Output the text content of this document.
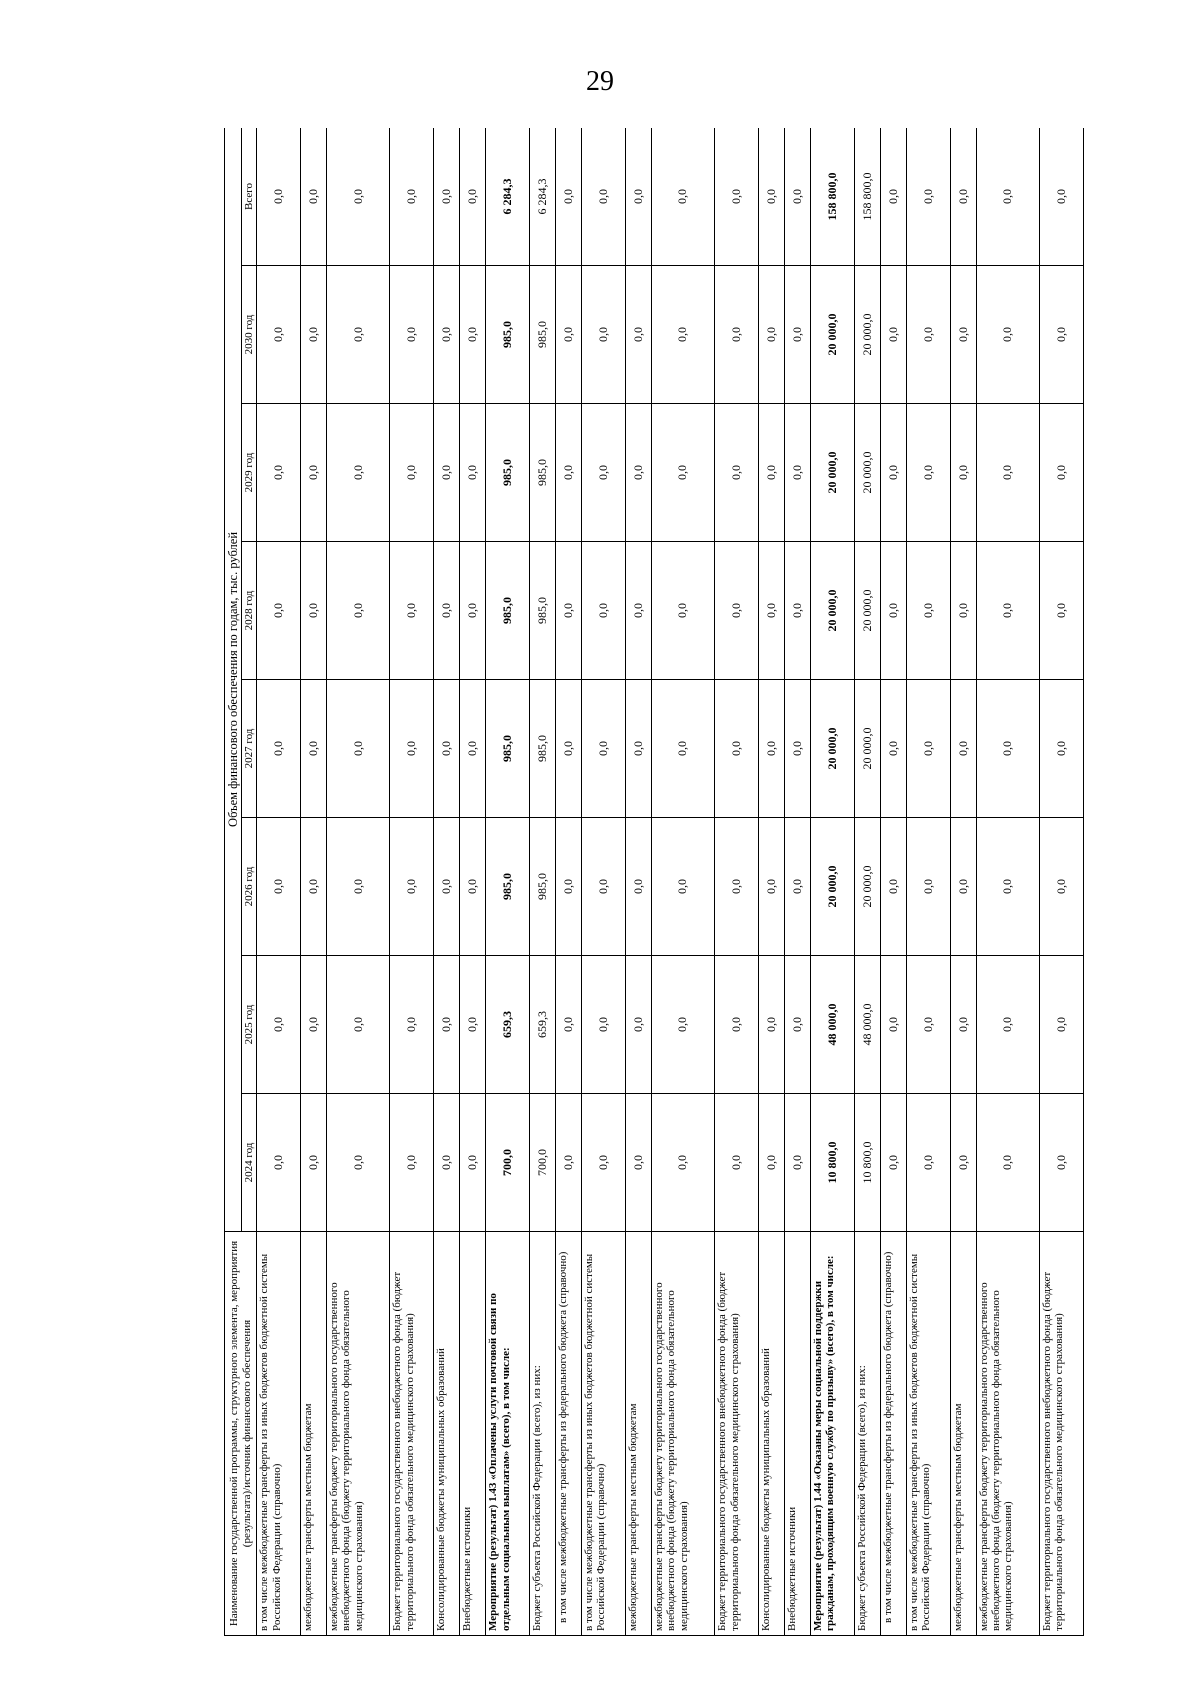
29
Наименование государственной программы, структурного элемента, мероприятия (результата)/источник финансового обеспечения	Объем финансового обеспечения по годам, тыс. рублей							
	2024 год	2025 год	2026 год	2027 год	2028 год	2029 год	2030 год	Всего
в том числе межбюджетные трансферты из иных бюджетов бюджетной системы Российской Федерации (справочно)	0,0	0,0	0,0	0,0	0,0	0,0	0,0	0,0
межбюджетные трансферты местным бюджетам	0,0	0,0	0,0	0,0	0,0	0,0	0,0	0,0
межбюджетные трансферты бюджету территориального государственного внебюджетного фонда (бюджету территориального фонда обязательного медицинского страхования)	0,0	0,0	0,0	0,0	0,0	0,0	0,0	0,0
Бюджет территориального государственного внебюджетного фонда (бюджет территориального фонда обязательного медицинского страхования)	0,0	0,0	0,0	0,0	0,0	0,0	0,0	0,0
Консолидированные бюджеты муниципальных образований	0,0	0,0	0,0	0,0	0,0	0,0	0,0	0,0
Внебюджетные источники	0,0	0,0	0,0	0,0	0,0	0,0	0,0	0,0
Мероприятие (результат) 1.43 «Оплачены услуги почтовой связи по отдельным социальным выплатам» (всего), в том числе:	700,0	659,3	985,0	985,0	985,0	985,0	985,0	6 284,3
Бюджет субъекта Российской Федерации (всего), из них:	700,0	659,3	985,0	985,0	985,0	985,0	985,0	6 284,3
в том числе межбюджетные трансферты из федерального бюджета (справочно)	0,0	0,0	0,0	0,0	0,0	0,0	0,0	0,0
в том числе межбюджетные трансферты из иных бюджетов бюджетной системы Российской Федерации (справочно)	0,0	0,0	0,0	0,0	0,0	0,0	0,0	0,0
межбюджетные трансферты местным бюджетам	0,0	0,0	0,0	0,0	0,0	0,0	0,0	0,0
межбюджетные трансферты бюджету территориального государственного внебюджетного фонда (бюджету территориального фонда обязательного медицинского страхования)	0,0	0,0	0,0	0,0	0,0	0,0	0,0	0,0
Бюджет территориального государственного внебюджетного фонда (бюджет территориального фонда обязательного медицинского страхования)	0,0	0,0	0,0	0,0	0,0	0,0	0,0	0,0
Консолидированные бюджеты муниципальных образований	0,0	0,0	0,0	0,0	0,0	0,0	0,0	0,0
Внебюджетные источники	0,0	0,0	0,0	0,0	0,0	0,0	0,0	0,0
Мероприятие (результат) 1.44 «Оказаны меры социальной поддержки гражданам, проходящим военную службу по призыву» (всего), в том числе:	10 800,0	48 000,0	20 000,0	20 000,0	20 000,0	20 000,0	20 000,0	158 800,0
Бюджет субъекта Российской Федерации (всего), из них:	10 800,0	48 000,0	20 000,0	20 000,0	20 000,0	20 000,0	20 000,0	158 800,0
в том числе межбюджетные трансферты из федерального бюджета (справочно)	0,0	0,0	0,0	0,0	0,0	0,0	0,0	0,0
в том числе межбюджетные трансферты из иных бюджетов бюджетной системы Российской Федерации (справочно)	0,0	0,0	0,0	0,0	0,0	0,0	0,0	0,0
межбюджетные трансферты местным бюджетам	0,0	0,0	0,0	0,0	0,0	0,0	0,0	0,0
межбюджетные трансферты бюджету территориального государственного внебюджетного фонда (бюджету территориального фонда обязательного медицинского страхования)	0,0	0,0	0,0	0,0	0,0	0,0	0,0	0,0
Бюджет территориального государственного внебюджетного фонда (бюджет территориального фонда обязательного медицинского страхования)	0,0	0,0	0,0	0,0	0,0	0,0	0,0	0,0
